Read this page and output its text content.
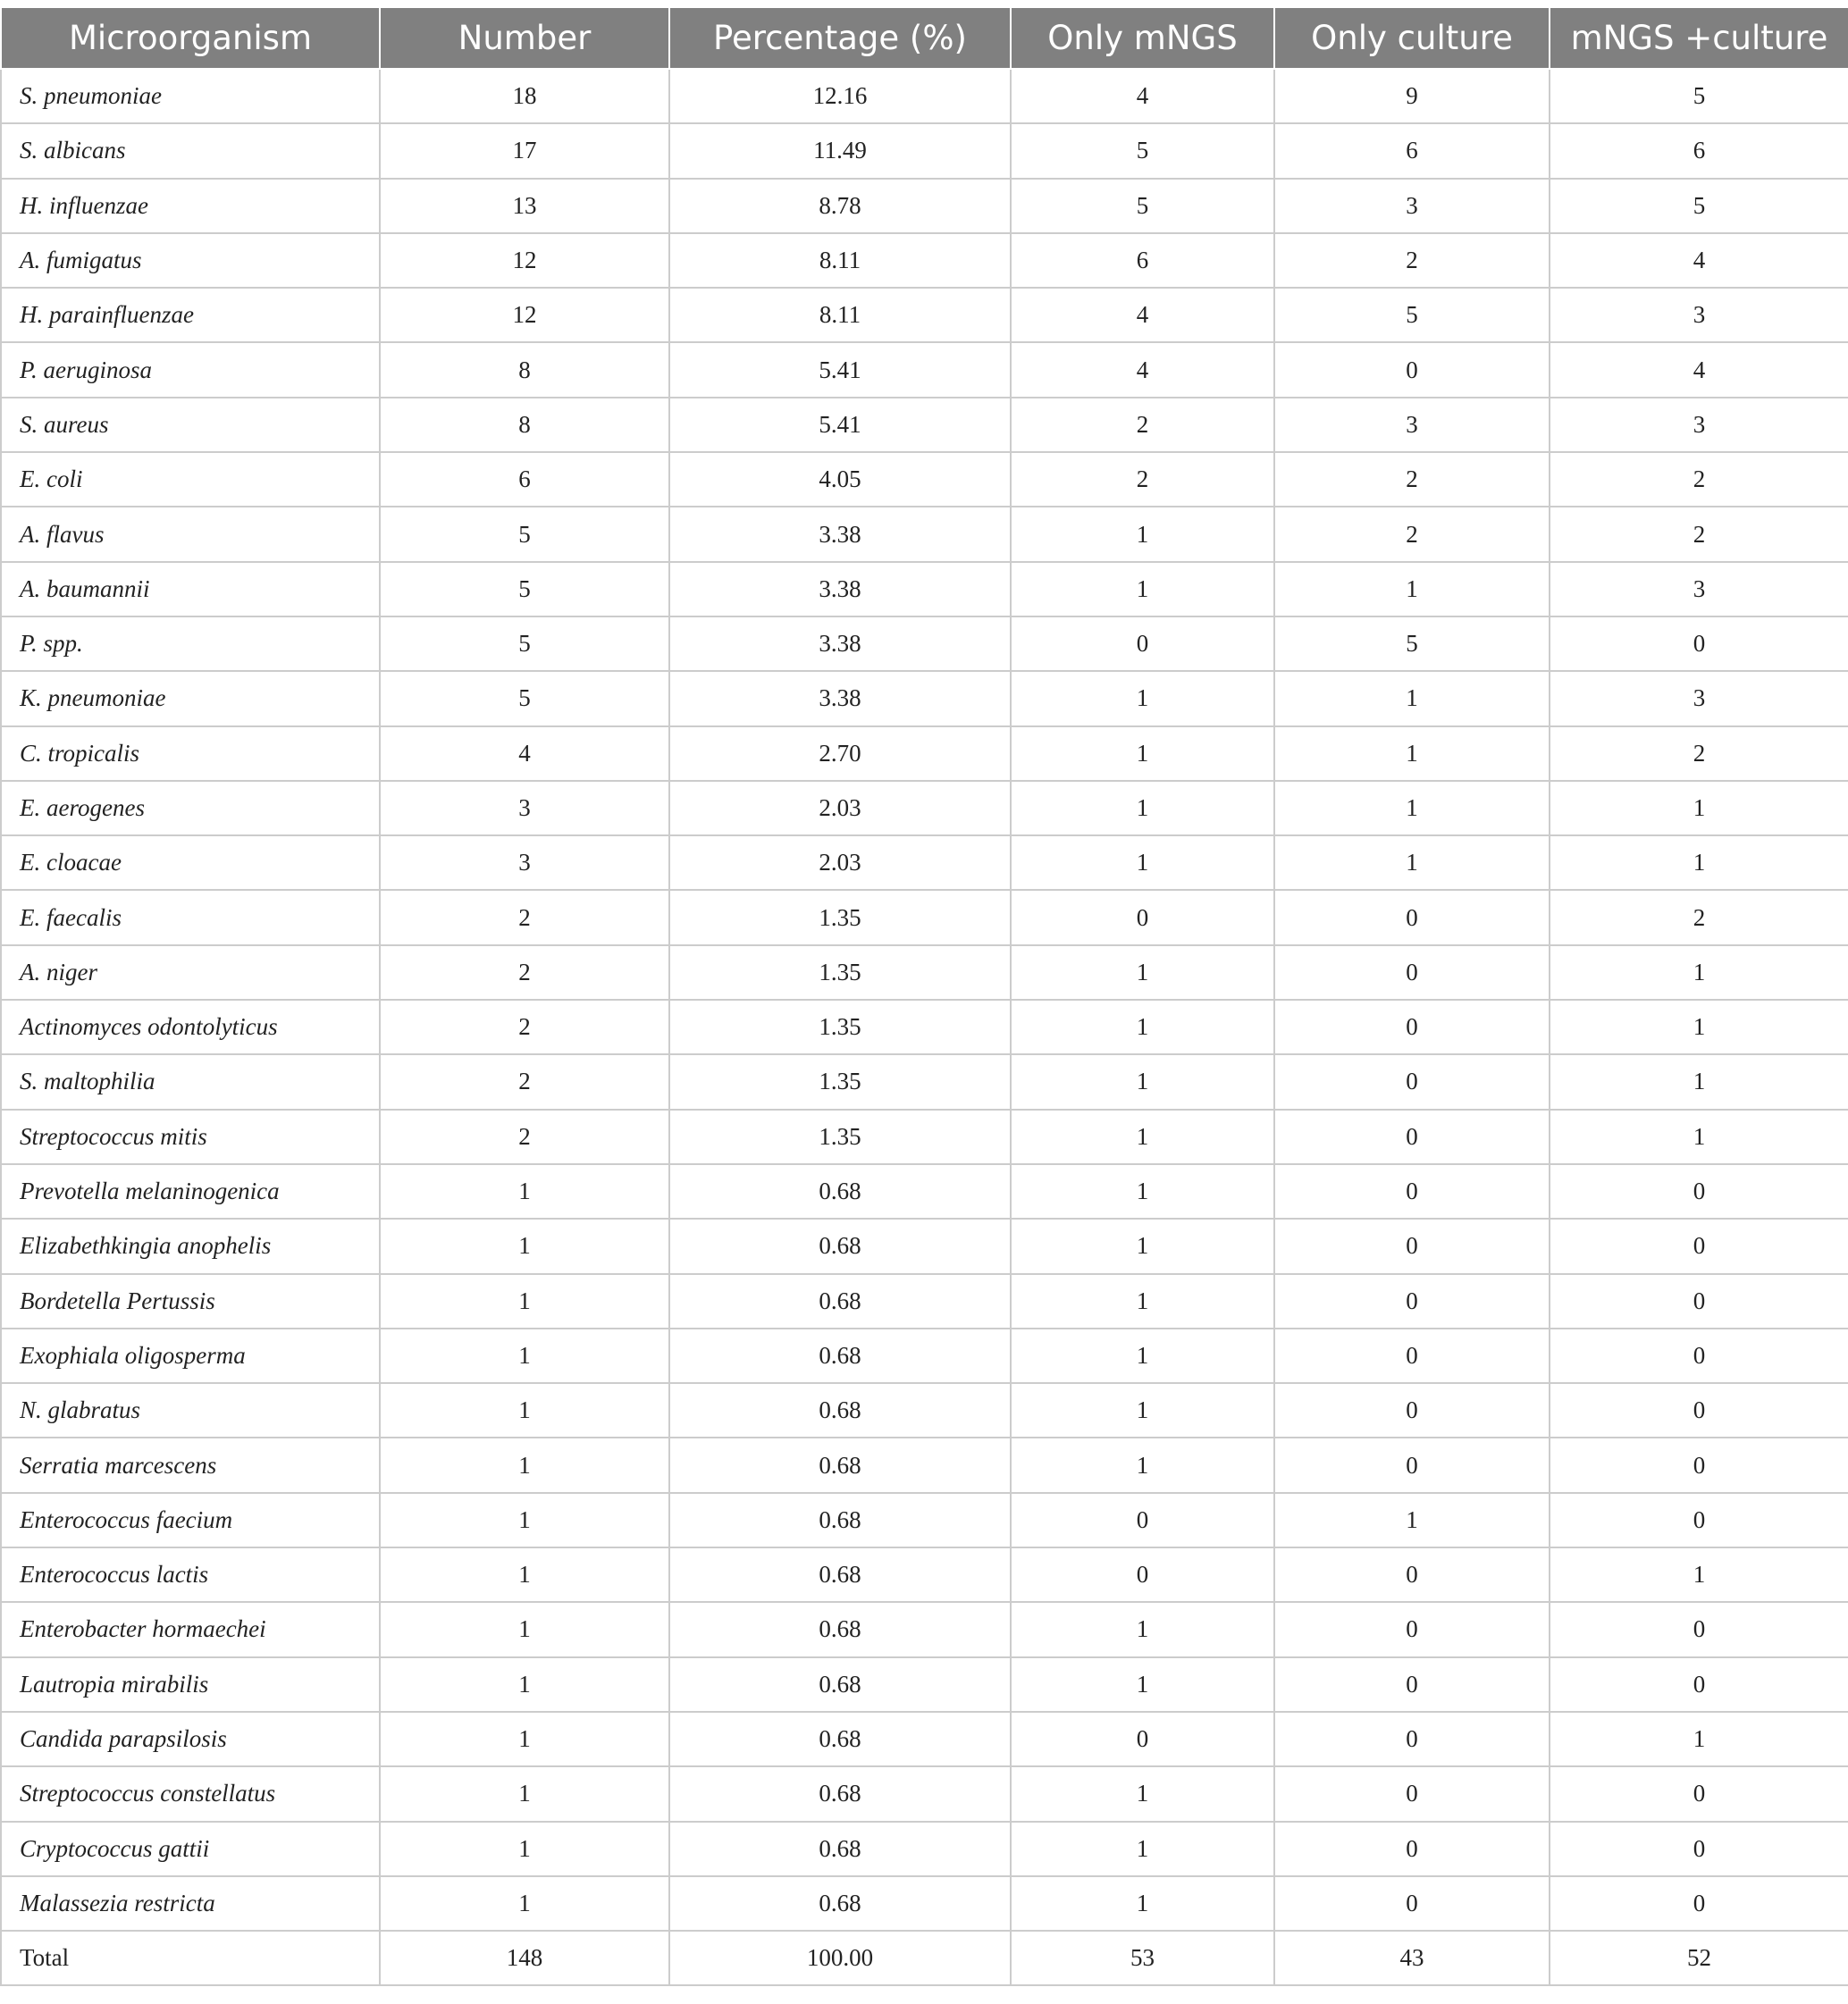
Microorganism	Number	Percentage (%)	Only mNGS	Only culture	mNGS +culture
S. pneumoniae	18	12.16	4	9	5
S. albicans	17	11.49	5	6	6
H. influenzae	13	8.78	5	3	5
A. fumigatus	12	8.11	6	2	4
H. parainfluenzae	12	8.11	4	5	3
P. aeruginosa	8	5.41	4	0	4
S. aureus	8	5.41	2	3	3
E. coli	6	4.05	2	2	2
A. flavus	5	3.38	1	2	2
A. baumannii	5	3.38	1	1	3
P. spp.	5	3.38	0	5	0
K. pneumoniae	5	3.38	1	1	3
C. tropicalis	4	2.70	1	1	2
E. aerogenes	3	2.03	1	1	1
E. cloacae	3	2.03	1	1	1
E. faecalis	2	1.35	0	0	2
A. niger	2	1.35	1	0	1
Actinomyces odontolyticus	2	1.35	1	0	1
S. maltophilia	2	1.35	1	0	1
Streptococcus mitis	2	1.35	1	0	1
Prevotella melaninogenica	1	0.68	1	0	0
Elizabethkingia anophelis	1	0.68	1	0	0
Bordetella Pertussis	1	0.68	1	0	0
Exophiala oligosperma	1	0.68	1	0	0
N. glabratus	1	0.68	1	0	0
Serratia marcescens	1	0.68	1	0	0
Enterococcus faecium	1	0.68	0	1	0
Enterococcus lactis	1	0.68	0	0	1
Enterobacter hormaechei	1	0.68	1	0	0
Lautropia mirabilis	1	0.68	1	0	0
Candida parapsilosis	1	0.68	0	0	1
Streptococcus constellatus	1	0.68	1	0	0
Cryptococcus gattii	1	0.68	1	0	0
Malassezia restricta	1	0.68	1	0	0
Total	148	100.00	53	43	52
